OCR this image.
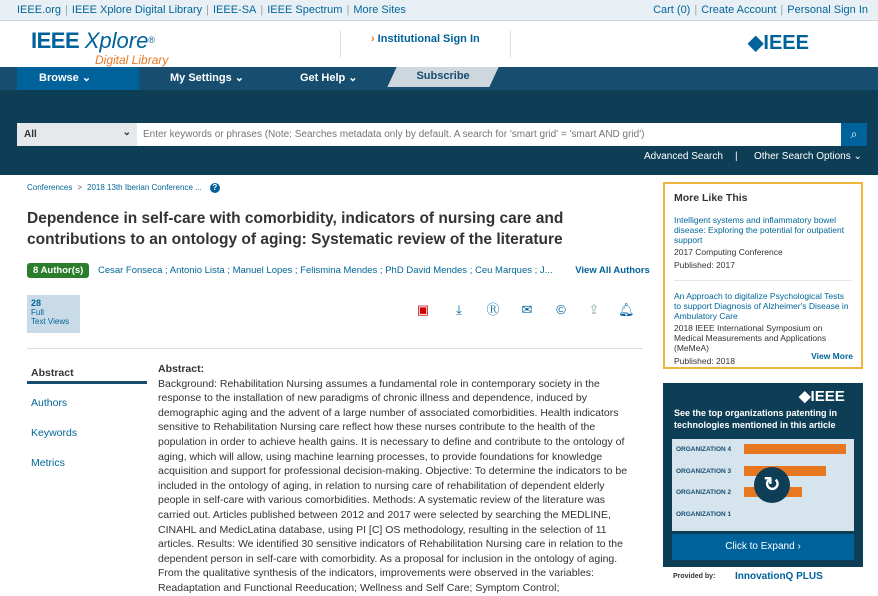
IEEE.org | IEEE Xplore Digital Library | IEEE-SA | IEEE Spectrum | More Sites	Cart (0) | Create Account | Personal Sign In
IEEE Xplore®
Digital Library
› Institutional Sign In	◆IEEE
Browse ⌄	My Settings ⌄	Get Help ⌄	Subscribe
All	⌄
Enter keywords or phrases (Note: Searches metadata only by default. A search for 'smart grid' = 'smart AND grid')	⌕
Advanced Search | Other Search Options ⌄
Conferences > 2018 13th Iberian Conference ... ?
Dependence in self-care with comorbidity, indicators of nursing care and contributions to an ontology of aging: Systematic review of the literature
8 Author(s) Cesar Fonseca ; Antonio Lista ; Manuel Lopes ; Felismina Mendes ; PhD David Mendes ; Ceu Marques ; J... View All Authors
28
Full
Text Views
▣	⤓	Ⓡ ✉ © ⇪ 🔔︎
Abstract
Authors
Keywords
Metrics
Abstract:
Background: Rehabilitation Nursing assumes a fundamental role in contemporary society in the response to the installation of new paradigms of chronic illness and dependence, induced by demographic aging and the advent of a large number of associated comorbidities. Health indicators sensitive to Rehabilitation Nursing care reflect how these nurses contribute to the health of the population in order to achieve health gains. It is necessary to define and contribute to the ontology of aging, which will allow, using machine learning processes, to provide foundations for knowledge acquisition and support for professional decision-making. Objective: To determine the indicators to be included in the ontology of aging, in relation to nursing care of rehabilitation of dependent elderly people in self-care with various comorbidities. Methods: A systematic review of the literature was carried out. Articles published between 2012 and 2017 were selected by searching the MEDLINE, CINAHL and MedicLatina database, using PI [C] OS methodology, resulting in the selection of 11 articles. Results: We identified 30 sensitive indicators of Rehabilitation Nursing care in relation to the dependent person in self-care with comorbidity. As a proposal for inclusion in the ontology of aging. From the qualitative synthesis of the indicators, improvements were observed in the variables: Readaptation and Functional Reeducation; Wellness and Self Care; Symptom Control;
More Like This
Intelligent systems and inflammatory bowel disease: Exploring the potential for outpatient support
2017 Computing Conference
Published: 2017
An Approach to digitalize Psychological Tests to support Diagnosis of Alzheimer's Disease in Ambulatory Care
2018 IEEE International Symposium on Medical Measurements and Applications (MeMeA)
Published: 2018	View More
◆IEEE
See the top organizations patenting in technologies mentioned in this article
ORGANIZATION 4
ORGANIZATION 3
ORGANIZATION 2
ORGANIZATION 1
↻
Click to Expand ›
Provided by: InnovationQ PLUS
